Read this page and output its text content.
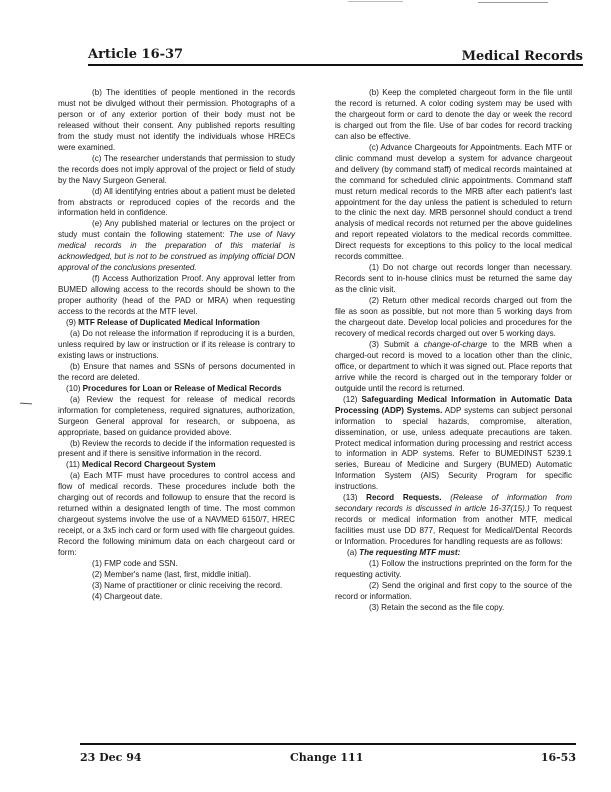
Article 16-37	Medical Records

(b) The identities of people mentioned in the records must not be divulged without their permission. Photographs of a person or of any exterior portion of their body must not be released without their consent. Any published reports resulting from the study must not identify the individuals whose HRECs were examined.

(c) The researcher understands that permission to study the records does not imply approval of the project or field of study by the Navy Surgeon General.

(d) All identifying entries about a patient must be deleted from abstracts or reproduced copies of the records and the information held in confidence.

(e) Any published material or lectures on the project or study must contain the following statement: The use of Navy medical records in the preparation of this material is acknowledged, but is not to be construed as implying official DON approval of the conclusions presented.

(f) Access Authorization Proof. Any approval letter from BUMED allowing access to the records should be shown to the proper authority (head of the PAD or MRA) when requesting access to the records at the MTF level.

(9) MTF Release of Duplicated Medical Information

(a) Do not release the information if reproducing it is a burden, unless required by law or instruction or if its release is contrary to existing laws or instructions.

(b) Ensure that names and SSNs of persons documented in the record are deleted.

(10) Procedures for Loan or Release of Medical Records

(a) Review the request for release of medical records information for completeness, required signatures, authorization, Surgeon General approval for research, or subpoena, as appropriate, based on guidance provided above.

(b) Review the records to decide if the information requested is present and if there is sensitive information in the record.

(11) Medical Record Chargeout System

(a) Each MTF must have procedures to control access and flow of medical records. These procedures include both the charging out of records and followup to ensure that the record is returned within a designated length of time. The most common chargeout systems involve the use of a NAVMED 6150/7, HREC receipt, or a 3x5 inch card or form used with file chargeout guides. Record the following minimum data on each chargeout card or form:

(1) FMP code and SSN.

(2) Member's name (last, first, middle initial).

(3) Name of practitioner or clinic receiving the record.

(4) Chargeout date.

(b) Keep the completed chargeout form in the file until the record is returned. A color coding system may be used with the chargeout form or card to denote the day or week the record is charged out from the file. Use of bar codes for record tracking can also be effective.

(c) Advance Chargeouts for Appointments. Each MTF or clinic command must develop a system for advance chargeout and delivery (by command staff) of medical records maintained at the command for scheduled clinic appointments. Command staff must return medical records to the MRB after each patient's last appointment for the day unless the patient is scheduled to return to the clinic the next day. MRB personnel should conduct a trend analysis of medical records not returned per the above guidelines and report repeated violators to the medical records committee. Direct requests for exceptions to this policy to the local medical records committee.

(1) Do not charge out records longer than necessary. Records sent to in-house clinics must be returned the same day as the clinic visit.

(2) Return other medical records charged out from the file as soon as possible, but not more than 5 working days from the chargeout date. Develop local policies and procedures for the recovery of medical records charged out over 5 working days.

(3) Submit a change-of-charge to the MRB when a charged-out record is moved to a location other than the clinic, office, or department to which it was signed out. Place reports that arrive while the record is charged out in the temporary folder or outguide until the record is returned.

(12) Safeguarding Medical Information in Automatic Data Processing (ADP) Systems. ADP systems can subject personal information to special hazards, compromise, alteration, dissemination, or use, unless adequate precautions are taken. Protect medical information during processing and restrict access to information in ADP systems. Refer to BUMEDINST 5239.1 series, Bureau of Medicine and Surgery (BUMED) Automatic Information System (AIS) Security Program for specific instructions.

(13) Record Requests. (Release of information from secondary records is discussed in article 16-37(15).) To request records or medical information from another MTF, medical facilities must use DD 877, Request for Medical/Dental Records or Information. Procedures for handling requests are as follows:

(a) The requesting MTF must:

(1) Follow the instructions preprinted on the form for the requesting activity.

(2) Send the original and first copy to the source of the record or information.

(3) Retain the second as the file copy.

23 Dec 94	Change 111	16-53
